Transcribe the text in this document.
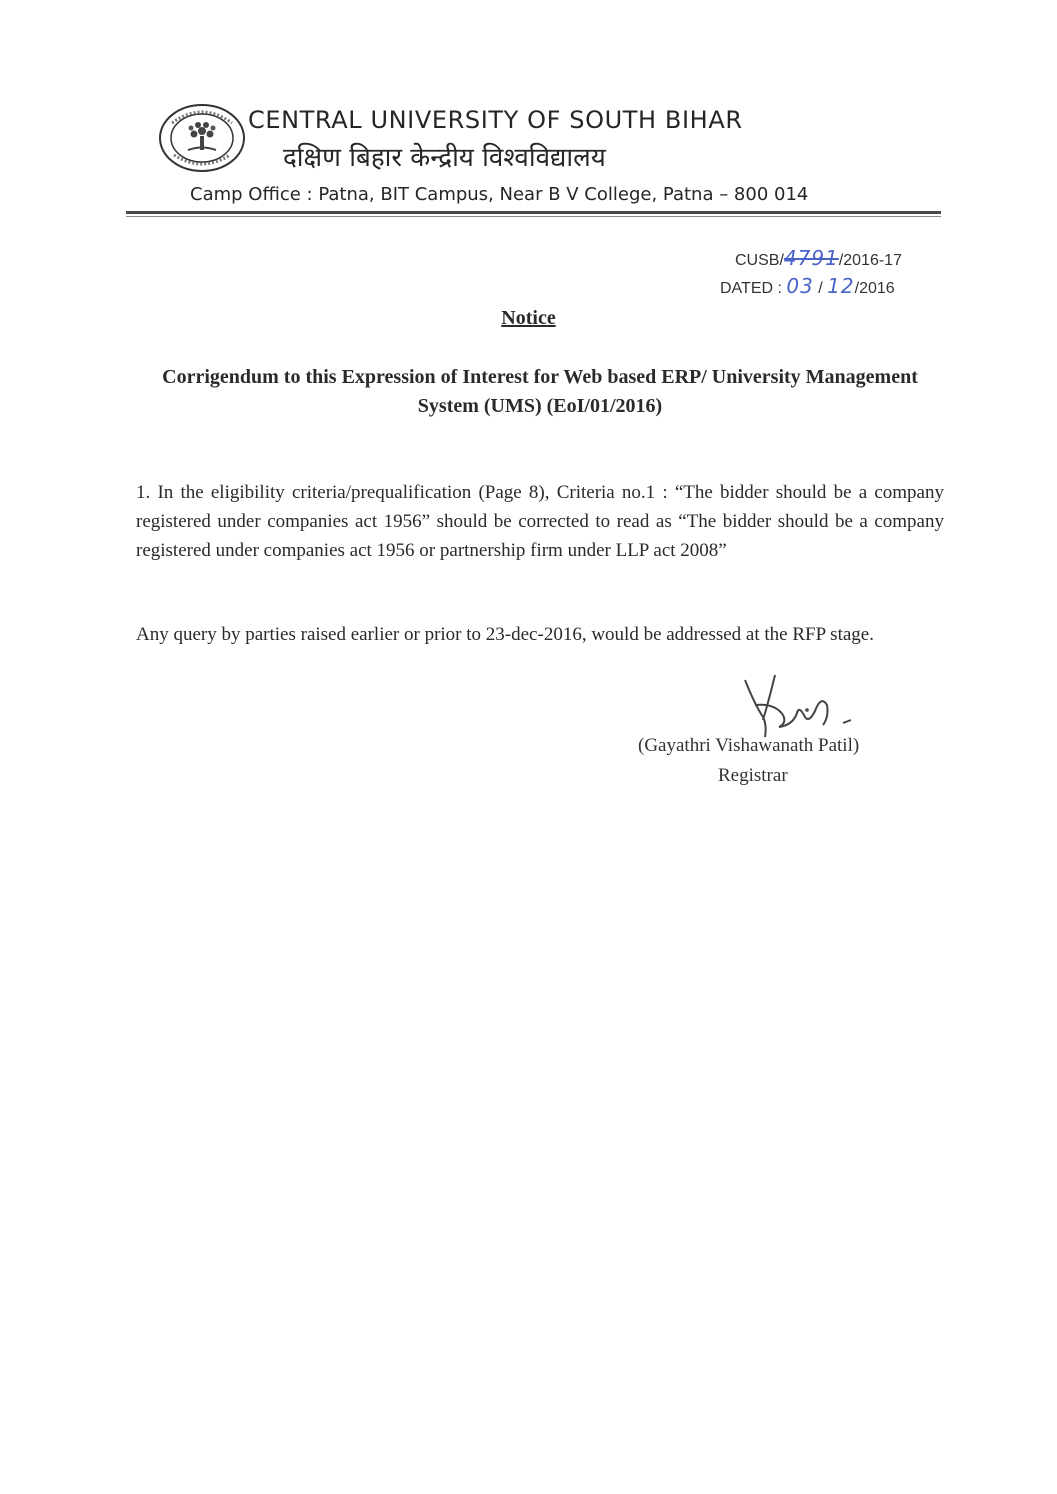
CENTRAL UNIVERSITY OF SOUTH BIHAR
दक्षिण बिहार केन्द्रीय विश्वविद्यालय
Camp Office : Patna, BIT Campus, Near B V College, Patna – 800 014
CUSB/4791/2016-17
DATED : 03 / 12/2016
Notice
Corrigendum to this Expression of Interest for Web based ERP/ University Management System (UMS) (EoI/01/2016)
1. In the eligibility criteria/prequalification (Page 8), Criteria no.1 : “The bidder should be a company registered under companies act 1956” should be corrected to read as “The bidder should be a company registered under companies act 1956 or partnership firm under LLP act 2008”
Any query by parties raised earlier or prior to 23-dec-2016, would be addressed at the RFP stage.
(Gayathri Vishawanath Patil)
Registrar
